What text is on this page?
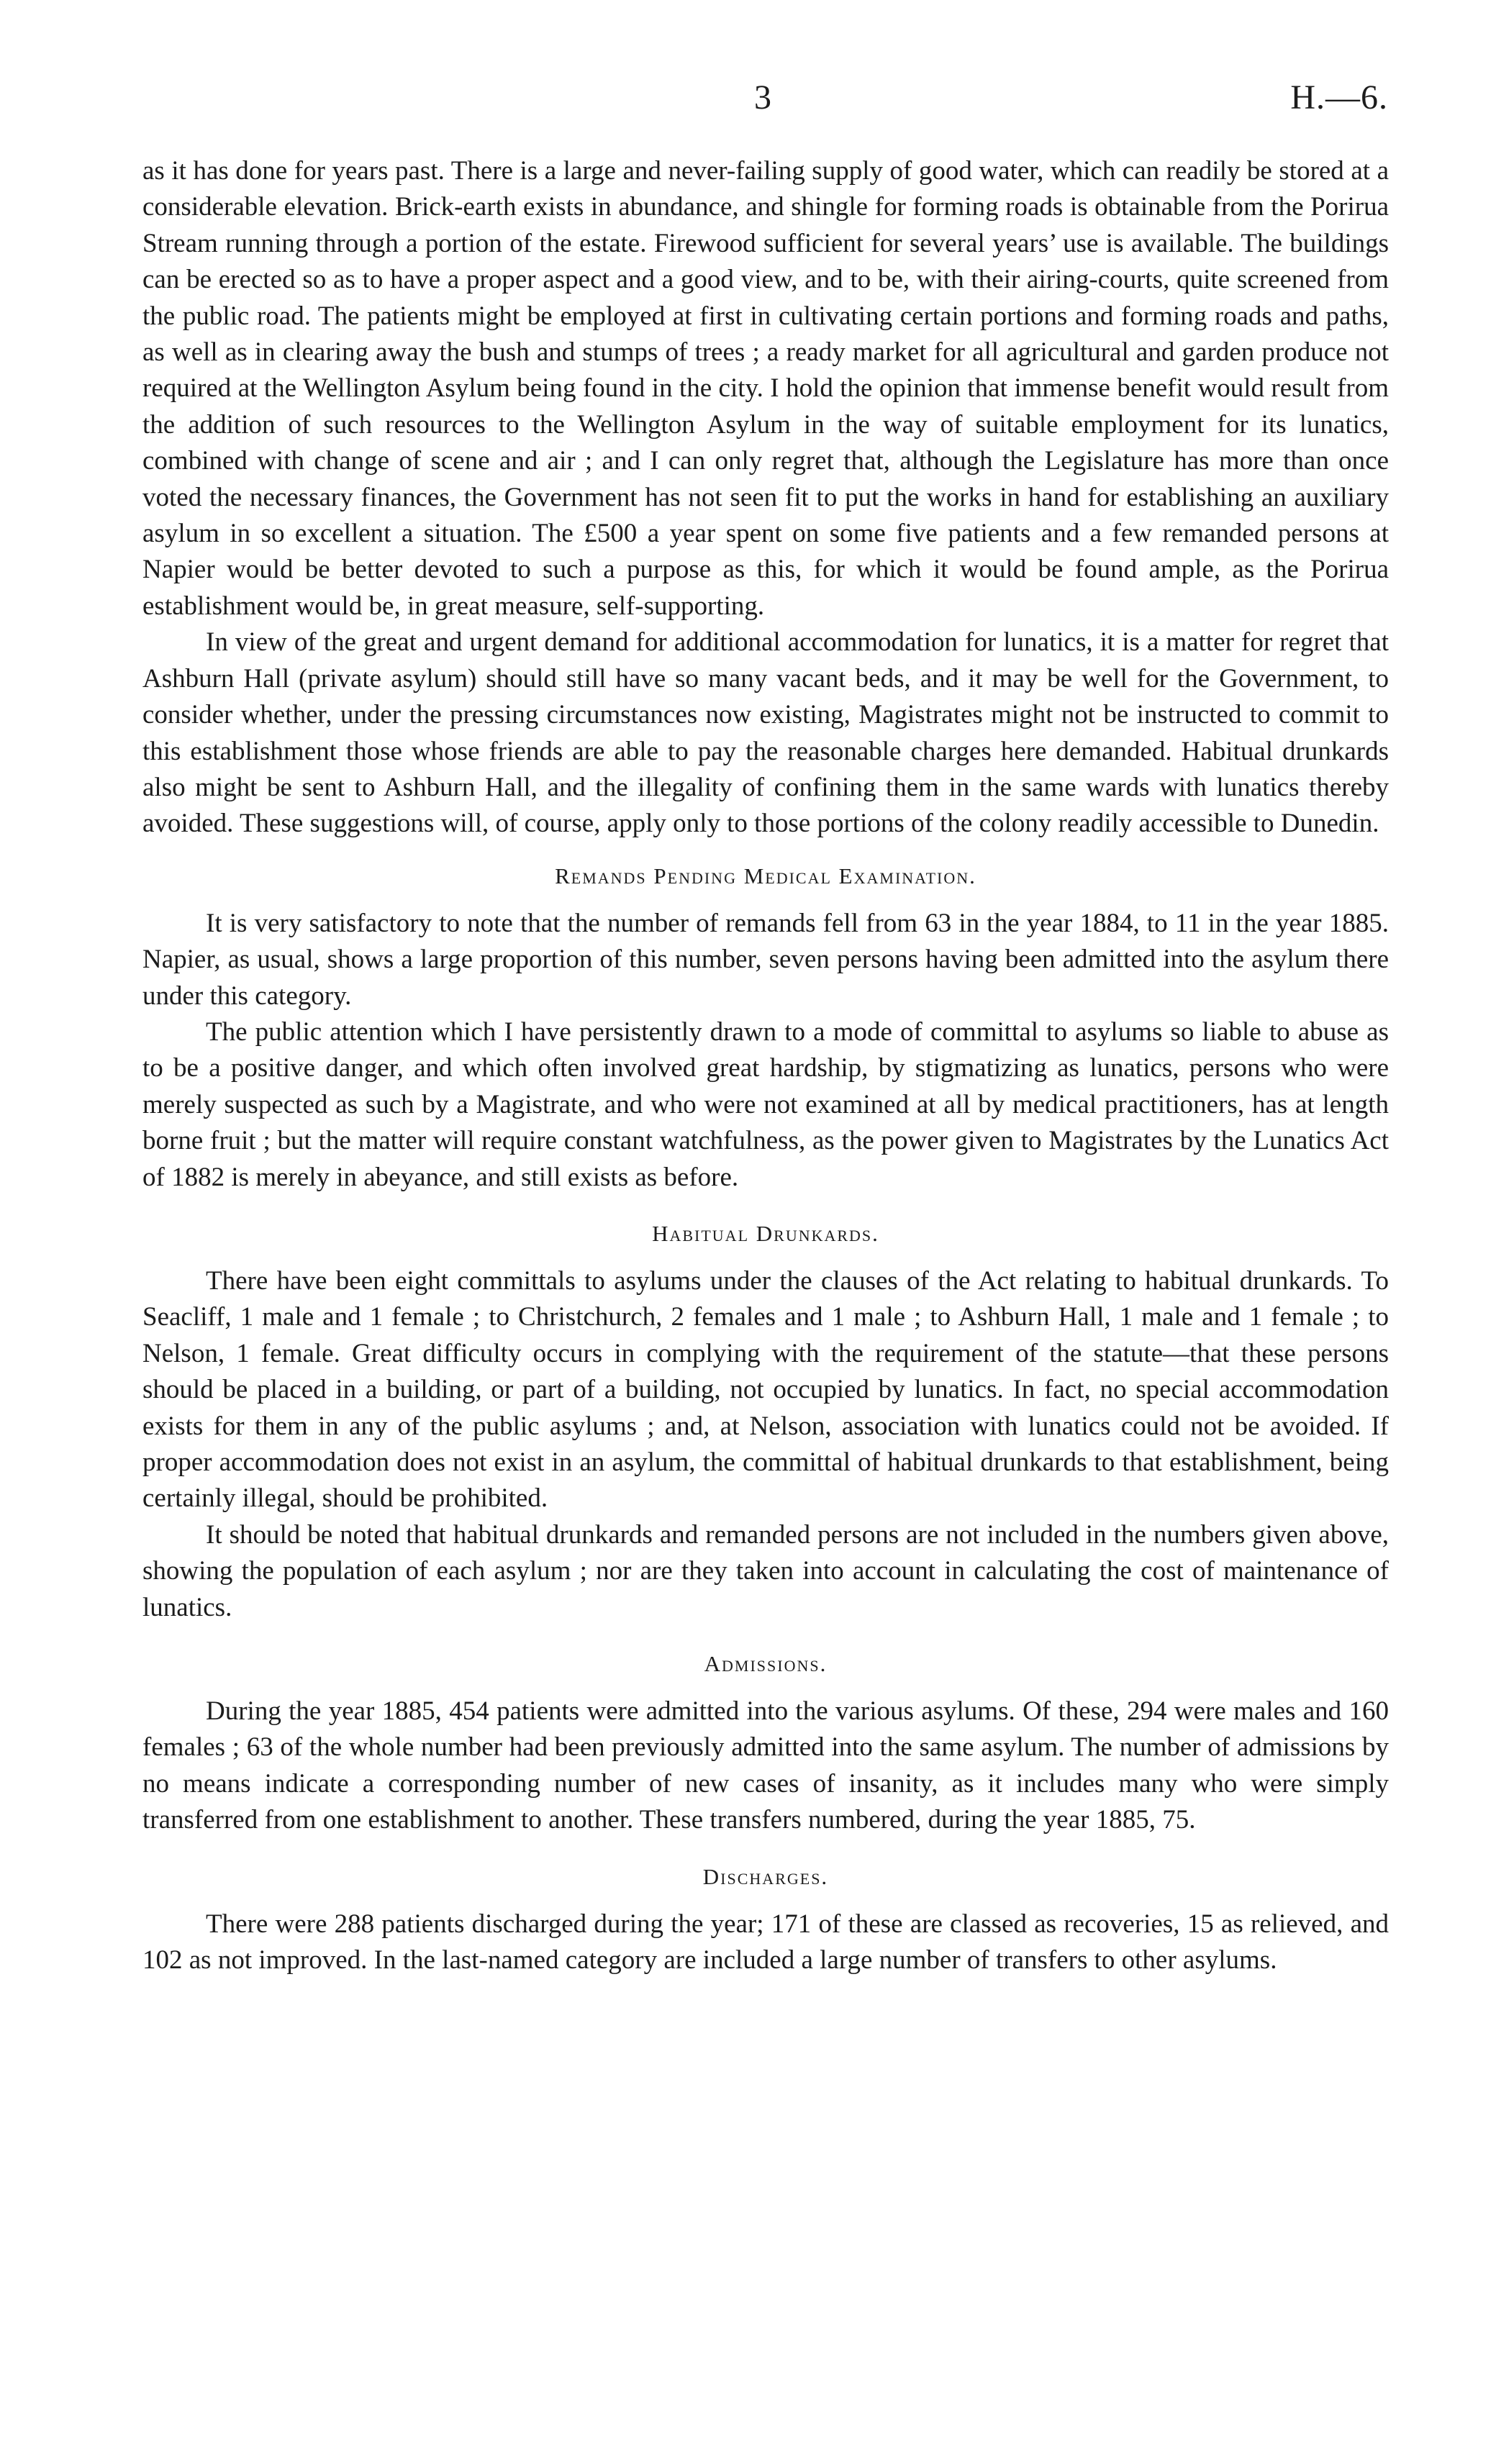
3	H.—6.

as it has done for years past. There is a large and never-failing supply of good water, which can readily be stored at a considerable elevation. Brick-earth exists in abundance, and shingle for forming roads is obtainable from the Porirua Stream running through a portion of the estate. Firewood sufficient for several years’ use is available. The buildings can be erected so as to have a proper aspect and a good view, and to be, with their airing-courts, quite screened from the public road. The patients might be employed at first in cultivating certain portions and forming roads and paths, as well as in clearing away the bush and stumps of trees ; a ready market for all agricultural and garden produce not required at the Wellington Asylum being found in the city. I hold the opinion that immense benefit would result from the addition of such resources to the Wellington Asylum in the way of suitable employment for its lunatics, combined with change of scene and air ; and I can only regret that, although the Legislature has more than once voted the necessary finances, the Government has not seen fit to put the works in hand for establishing an auxiliary asylum in so excellent a situation. The £500 a year spent on some five patients and a few remanded persons at Napier would be better devoted to such a purpose as this, for which it would be found ample, as the Porirua establishment would be, in great measure, self-supporting.

In view of the great and urgent demand for additional accommodation for lunatics, it is a matter for regret that Ashburn Hall (private asylum) should still have so many vacant beds, and it may be well for the Government, to consider whether, under the pressing circumstances now existing, Magistrates might not be instructed to commit to this establishment those whose friends are able to pay the reasonable charges here demanded. Habitual drunkards also might be sent to Ashburn Hall, and the illegality of confining them in the same wards with lunatics thereby avoided. These suggestions will, of course, apply only to those portions of the colony readily accessible to Dunedin.

Remands Pending Medical Examination.

It is very satisfactory to note that the number of remands fell from 63 in the year 1884, to 11 in the year 1885. Napier, as usual, shows a large proportion of this number, seven persons having been admitted into the asylum there under this category.

The public attention which I have persistently drawn to a mode of committal to asylums so liable to abuse as to be a positive danger, and which often involved great hardship, by stigmatizing as lunatics, persons who were merely suspected as such by a Magistrate, and who were not examined at all by medical practitioners, has at length borne fruit ; but the matter will require constant watchfulness, as the power given to Magistrates by the Lunatics Act of 1882 is merely in abeyance, and still exists as before.

Habitual Drunkards.

There have been eight committals to asylums under the clauses of the Act relating to habitual drunkards. To Seacliff, 1 male and 1 female ; to Christchurch, 2 females and 1 male ; to Ashburn Hall, 1 male and 1 female ; to Nelson, 1 female. Great difficulty occurs in complying with the requirement of the statute—that these persons should be placed in a building, or part of a building, not occupied by lunatics. In fact, no special accommodation exists for them in any of the public asylums ; and, at Nelson, association with lunatics could not be avoided. If proper accommodation does not exist in an asylum, the committal of habitual drunkards to that establishment, being certainly illegal, should be prohibited.

It should be noted that habitual drunkards and remanded persons are not included in the numbers given above, showing the population of each asylum ; nor are they taken into account in calculating the cost of maintenance of lunatics.

Admissions.

During the year 1885, 454 patients were admitted into the various asylums. Of these, 294 were males and 160 females ; 63 of the whole number had been previously admitted into the same asylum. The number of admissions by no means indicate a corresponding number of new cases of insanity, as it includes many who were simply transferred from one establishment to another. These transfers numbered, during the year 1885, 75.

Discharges.

There were 288 patients discharged during the year; 171 of these are classed as recoveries, 15 as relieved, and 102 as not improved. In the last-named category are included a large number of transfers to other asylums.
